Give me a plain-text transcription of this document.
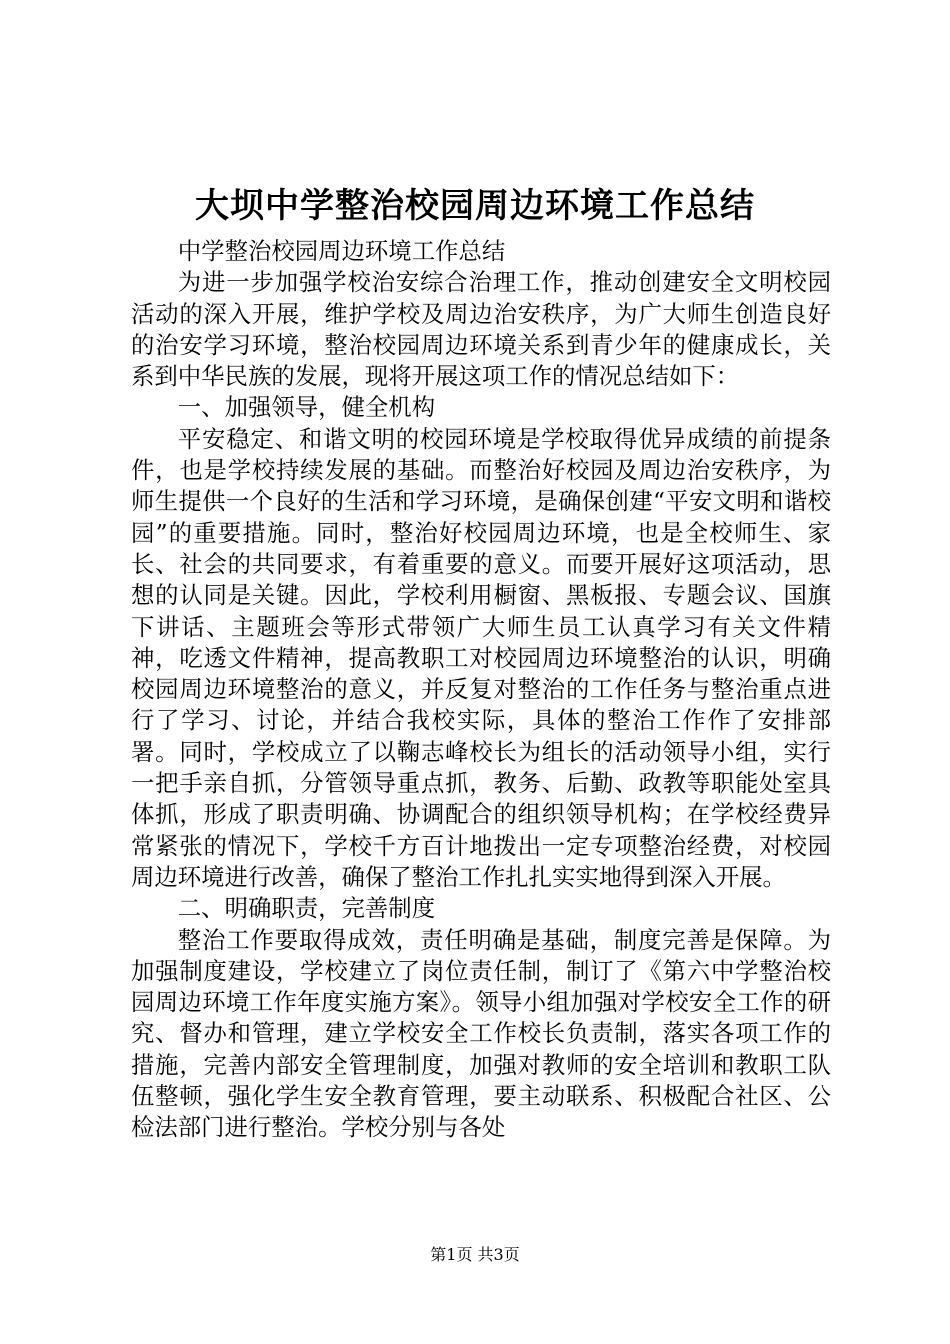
大坝中学整治校园周边环境工作总结

中学整治校园周边环境工作总结

为进一步加强学校治安综合治理工作，推动创建安全文明校园活动的深入开展，维护学校及周边治安秩序，为广大师生创造良好的治安学习环境，整治校园周边环境关系到青少年的健康成长，关系到中华民族的发展，现将开展这项工作的情况总结如下：

一、加强领导，健全机构

平安稳定、和谐文明的校园环境是学校取得优异成绩的前提条件，也是学校持续发展的基础。而整治好校园及周边治安秩序，为师生提供一个良好的生活和学习环境，是确保创建“平安文明和谐校园”的重要措施。同时，整治好校园周边环境，也是全校师生、家长、社会的共同要求，有着重要的意义。而要开展好这项活动，思想的认同是关键。因此，学校利用橱窗、黑板报、专题会议、国旗下讲话、主题班会等形式带领广大师生员工认真学习有关文件精神，吃透文件精神，提高教职工对校园周边环境整治的认识，明确校园周边环境整治的意义，并反复对整治的工作任务与整治重点进行了学习、讨论，并结合我校实际，具体的整治工作作了安排部署。同时，学校成立了以鞠志峰校长为组长的活动领导小组，实行一把手亲自抓，分管领导重点抓，教务、后勤、政教等职能处室具体抓，形成了职责明确、协调配合的组织领导机构；在学校经费异常紧张的情况下，学校千方百计地拨出一定专项整治经费，对校园周边环境进行改善，确保了整治工作扎扎实实地得到深入开展。

二、明确职责，完善制度

整治工作要取得成效，责任明确是基础，制度完善是保障。为加强制度建设，学校建立了岗位责任制，制订了《第六中学整治校园周边环境工作年度实施方案》。领导小组加强对学校安全工作的研究、督办和管理，建立学校安全工作校长负责制，落实各项工作的措施，完善内部安全管理制度，加强对教师的安全培训和教职工队伍整顿，强化学生安全教育管理，要主动联系、积极配合社区、公检法部门进行整治。学校分别与各处

第1页 共3页
